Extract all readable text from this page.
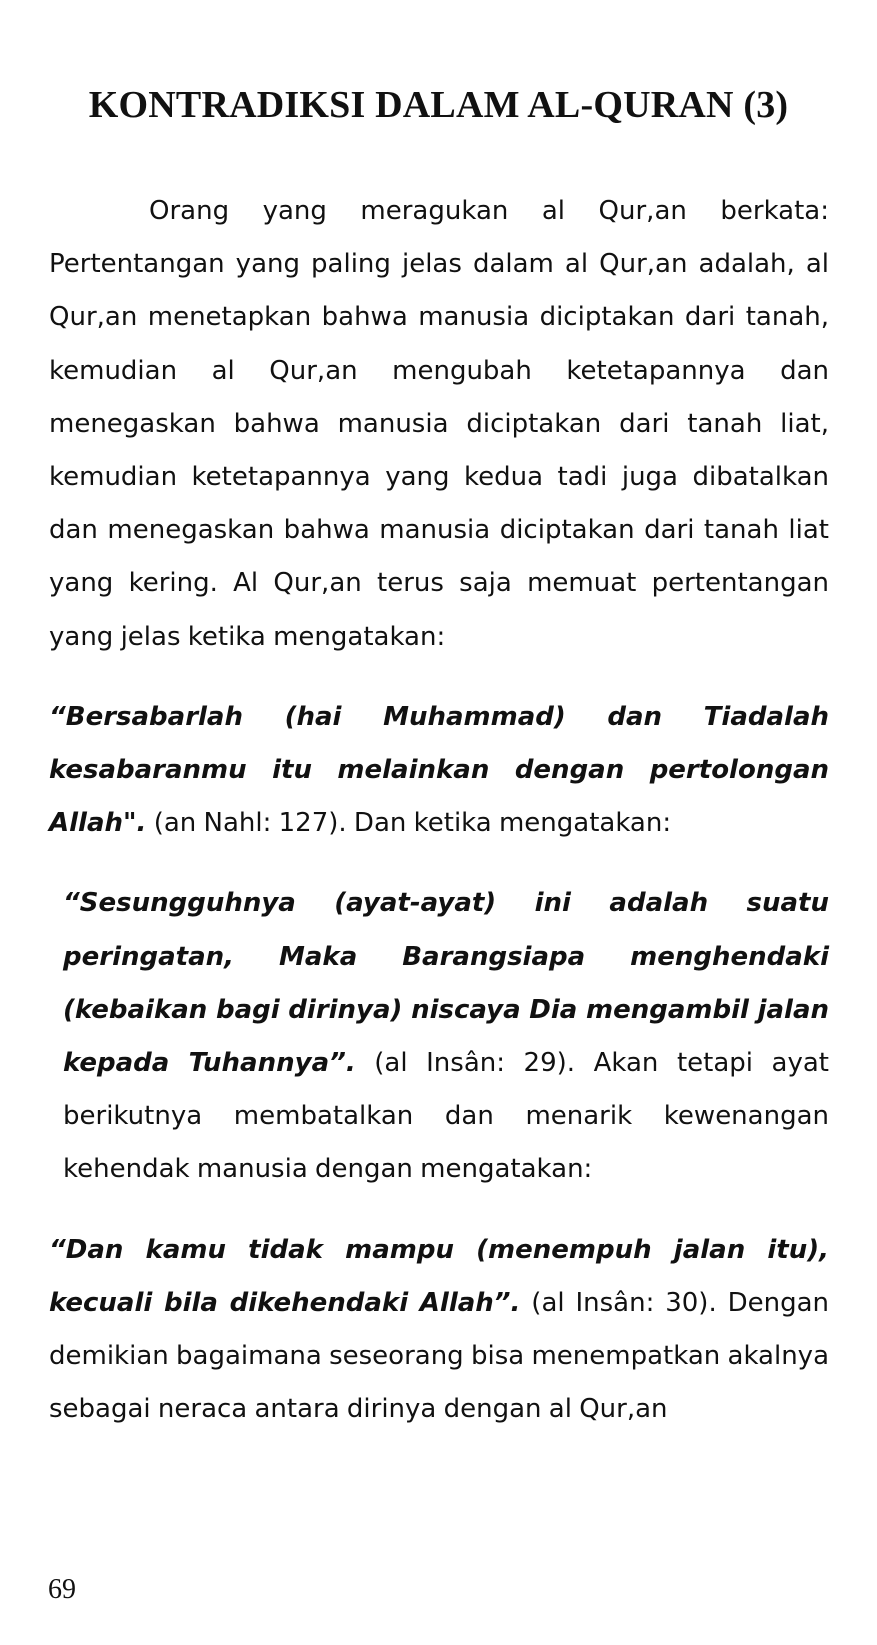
KONTRADIKSI DALAM AL-QURAN (3)

Orang yang meragukan al Qur,an berkata: Pertentangan yang paling jelas dalam al Qur,an adalah, al Qur,an menetapkan bahwa manusia diciptakan dari tanah, kemudian al Qur,an mengubah ketetapannya dan menegaskan bahwa manusia diciptakan dari tanah liat, kemudian ketetapannya yang kedua tadi juga dibatalkan dan menegaskan bahwa manusia diciptakan dari tanah liat yang kering. Al Qur,an terus saja memuat pertentangan yang jelas ketika mengatakan:

“Bersabarlah (hai Muhammad) dan Tiadalah kesabaranmu itu melainkan dengan pertolongan Allah". (an Nahl: 127). Dan ketika mengatakan:

“Sesungguhnya (ayat-ayat) ini adalah suatu peringatan, Maka Barangsiapa menghendaki (kebaikan bagi dirinya) niscaya Dia mengambil jalan kepada Tuhannya”. (al Insân: 29). Akan tetapi ayat berikutnya membatalkan dan menarik kewenangan kehendak manusia dengan mengatakan:

“Dan kamu tidak mampu (menempuh jalan itu), kecuali bila dikehendaki Allah”. (al Insân: 30). Dengan demikian bagaimana seseorang bisa menempatkan akalnya sebagai neraca antara dirinya dengan al Qur,an

69
